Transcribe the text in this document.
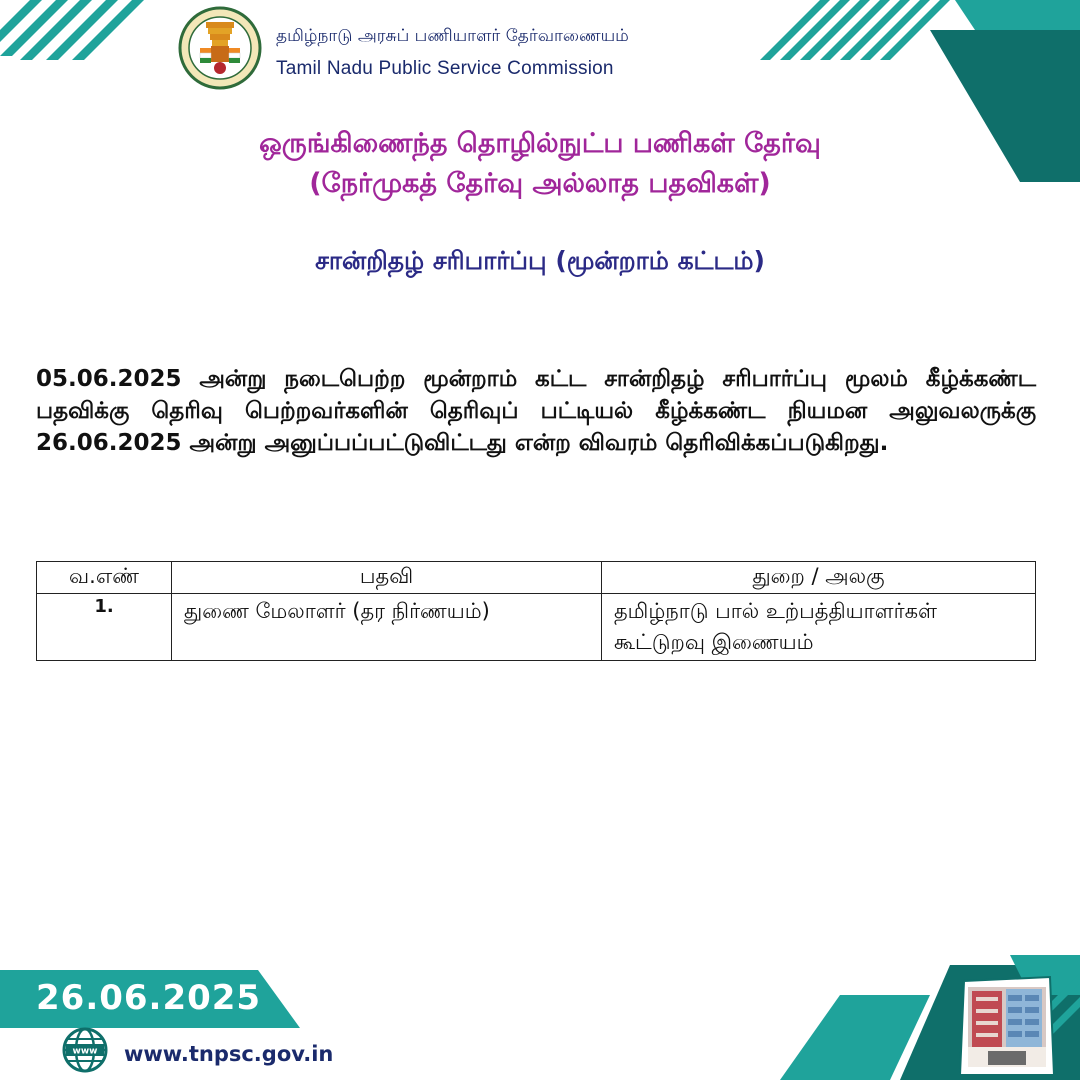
தமிழ்நாடு அரசுப் பணியாளர் தேர்வாணையம்
Tamil Nadu Public Service Commission
ஒருங்கிணைந்த தொழில்நுட்ப பணிகள் தேர்வு
(நேர்முகத் தேர்வு அல்லாத பதவிகள்)
சான்றிதழ் சரிபார்ப்பு (மூன்றாம் கட்டம்)
05.06.2025 அன்று நடைபெற்ற மூன்றாம் கட்ட சான்றிதழ் சரிபார்ப்பு மூலம் கீழ்க்கண்ட பதவிக்கு தெரிவு பெற்றவர்களின் தெரிவுப் பட்டியல் கீழ்க்கண்ட நியமன அலுவலருக்கு 26.06.2025 அன்று அனுப்பப்பட்டுவிட்டது என்ற விவரம் தெரிவிக்கப்படுகிறது.
வ.எண்	பதவி	துறை / அலகு
1.	துணை மேலாளர் (தர நிர்ணயம்)	தமிழ்நாடு பால் உற்பத்தியாளர்கள் கூட்டுறவு இணையம்
26.06.2025
www www.tnpsc.gov.in
